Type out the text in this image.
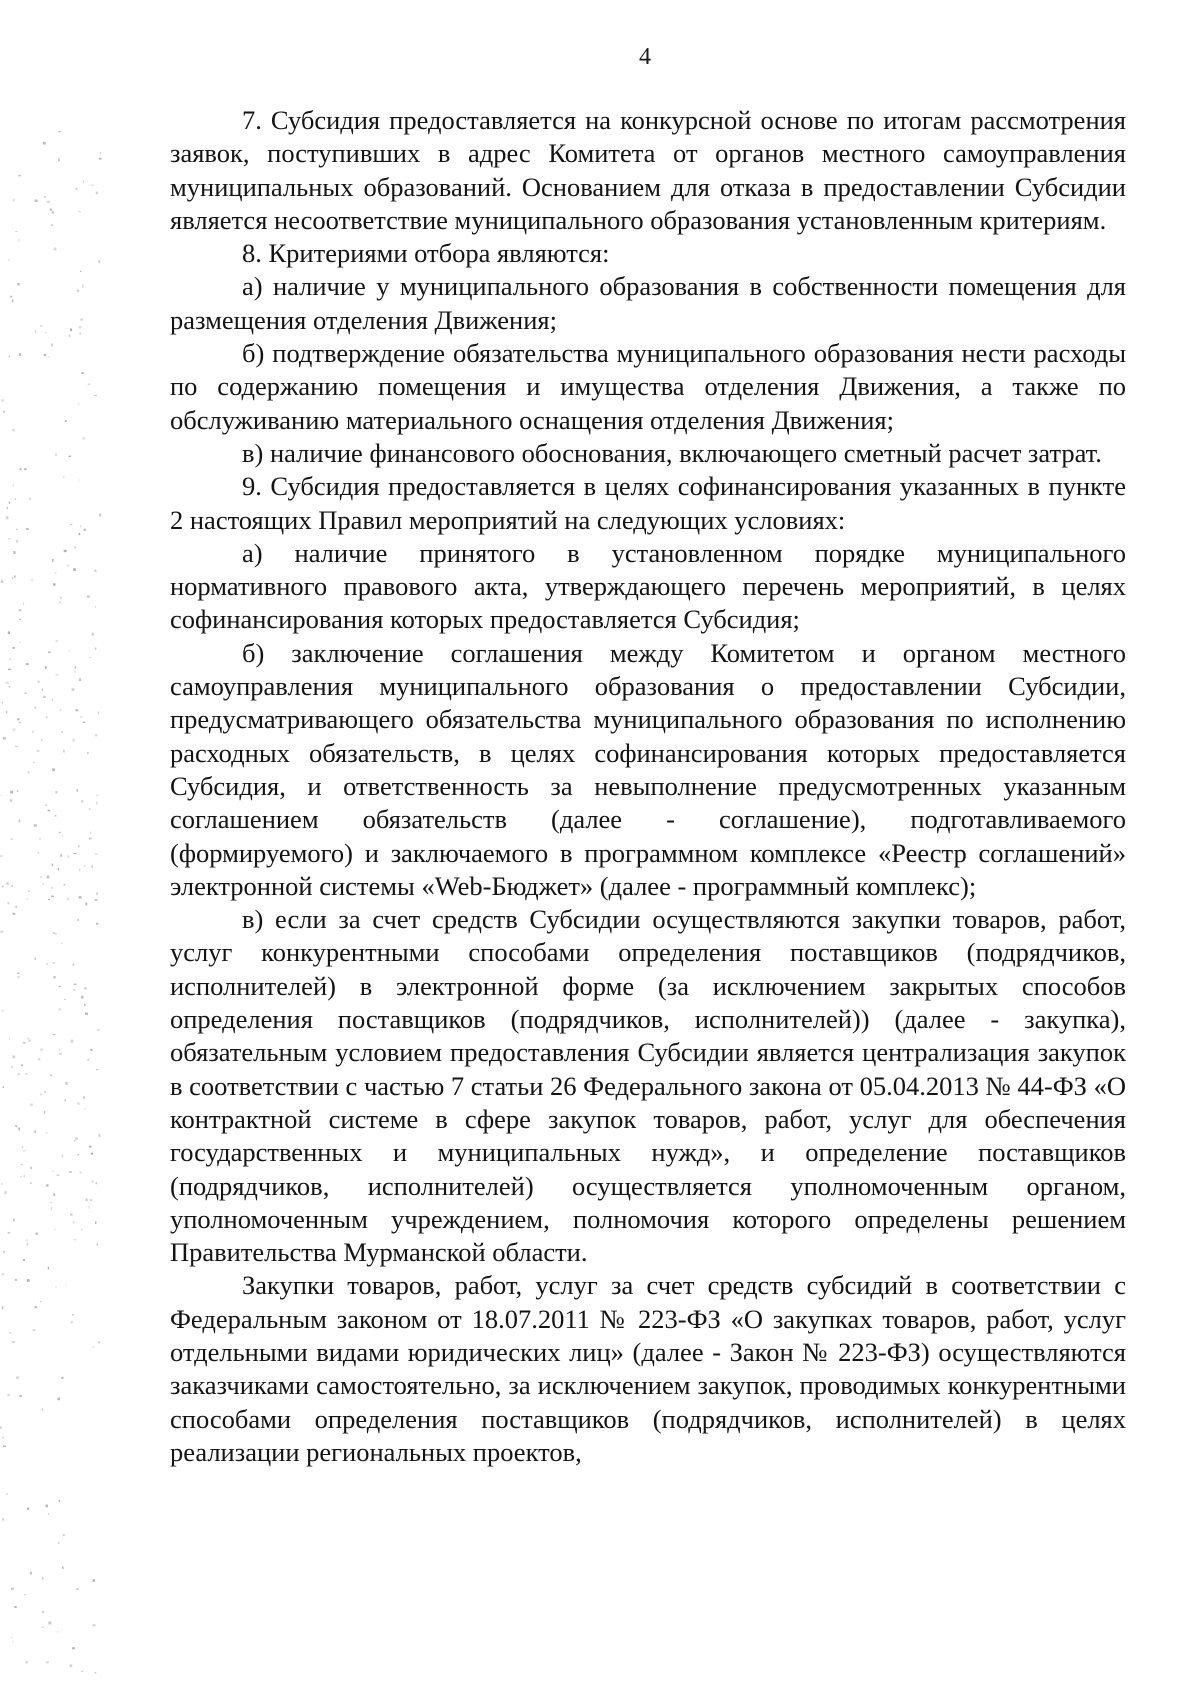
4

7. Субсидия предоставляется на конкурсной основе по итогам рассмотрения заявок, поступивших в адрес Комитета от органов местного самоуправления муниципальных образований. Основанием для отказа в предоставлении Субсидии является несоответствие муниципального образования установленным критериям.

8. Критериями отбора являются:

а) наличие у муниципального образования в собственности помещения для размещения отделения Движения;

б) подтверждение обязательства муниципального образования нести расходы по содержанию помещения и имущества отделения Движения, а также по обслуживанию материального оснащения отделения Движения;

в) наличие финансового обоснования, включающего сметный расчет затрат.

9. Субсидия предоставляется в целях софинансирования указанных в пункте 2 настоящих Правил мероприятий на следующих условиях:

а) наличие принятого в установленном порядке муниципального нормативного правового акта, утверждающего перечень мероприятий, в целях софинансирования которых предоставляется Субсидия;

б) заключение соглашения между Комитетом и органом местного самоуправления муниципального образования о предоставлении Субсидии, предусматривающего обязательства муниципального образования по исполнению расходных обязательств, в целях софинансирования которых предоставляется Субсидия, и ответственность за невыполнение предусмотренных указанным соглашением обязательств (далее - соглашение), подготавливаемого (формируемого) и заключаемого в программном комплексе «Реестр соглашений» электронной системы «Web-Бюджет» (далее - программный комплекс);

в) если за счет средств Субсидии осуществляются закупки товаров, работ, услуг конкурентными способами определения поставщиков (подрядчиков, исполнителей) в электронной форме (за исключением закрытых способов определения поставщиков (подрядчиков, исполнителей)) (далее - закупка), обязательным условием предоставления Субсидии является централизация закупок в соответствии с частью 7 статьи 26 Федерального закона от 05.04.2013 № 44-ФЗ «О контрактной системе в сфере закупок товаров, работ, услуг для обеспечения государственных и муниципальных нужд», и определение поставщиков (подрядчиков, исполнителей) осуществляется уполномоченным органом, уполномоченным учреждением, полномочия которого определены решением Правительства Мурманской области.

Закупки товаров, работ, услуг за счет средств субсидий в соответствии с Федеральным законом от 18.07.2011 № 223-ФЗ «О закупках товаров, работ, услуг отдельными видами юридических лиц» (далее - Закон № 223-ФЗ) осуществляются заказчиками самостоятельно, за исключением закупок, проводимых конкурентными способами определения поставщиков (подрядчиков, исполнителей) в целях реализации региональных проектов,
